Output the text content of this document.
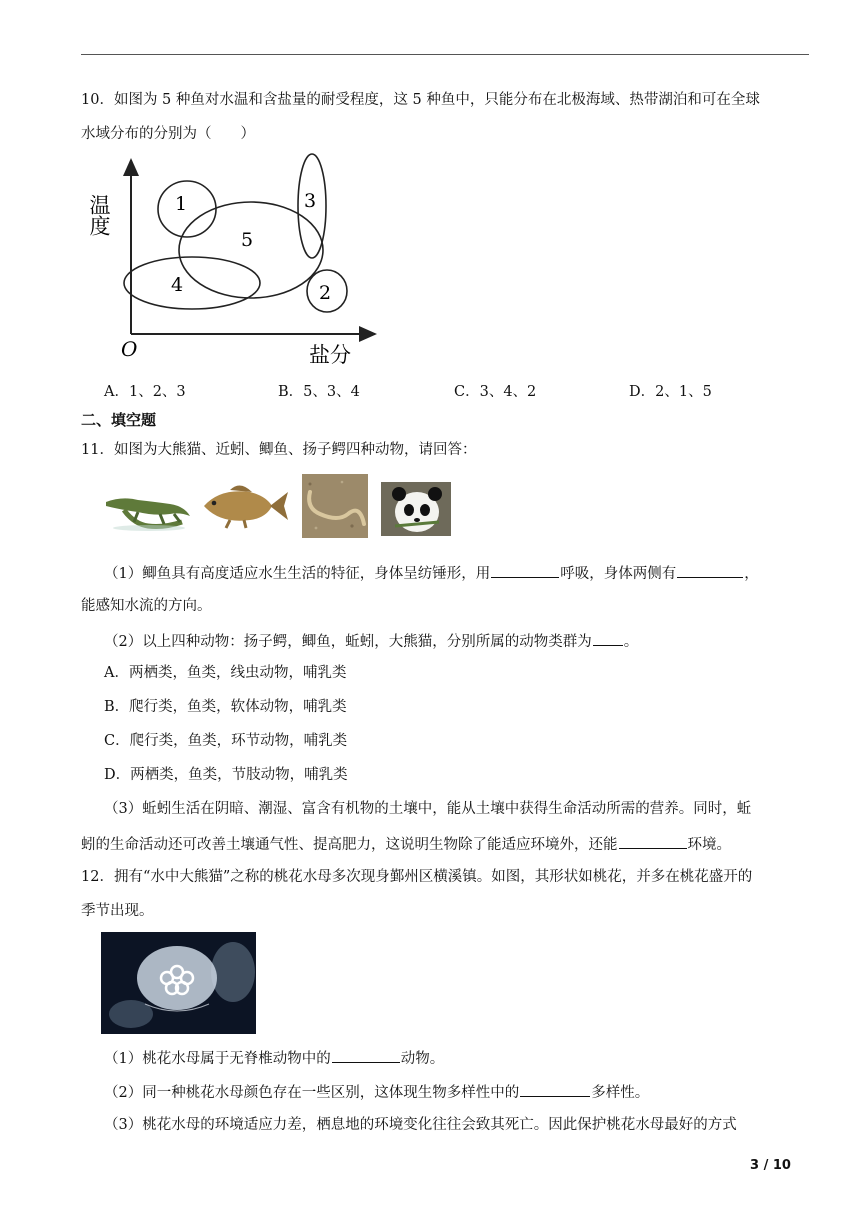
10．如图为 5 种鱼对水温和含盐量的耐受程度，这 5 种鱼中，只能分布在北极海域、热带湖泊和可在全球
水域分布的分别为（　　）
温度
盐分
O
1
5
3
4	2
A．1、2、3	B．5、3、4	C．3、4、2	D．2、1、5
二、填空题
11．如图为大熊猫、近蚓、鲫鱼、扬子鳄四种动物，请回答：
（1）鲫鱼具有高度适应水生生活的特征，身体呈纺锤形，用	呼吸，身体两侧有	，
能感知水流的方向。
（2）以上四种动物：扬子鳄，鲫鱼，蚯蚓，大熊猫，分别所属的动物类群为 。
A．两栖类，鱼类，线虫动物，哺乳类
B．爬行类，鱼类，软体动物，哺乳类
C．爬行类，鱼类，环节动物，哺乳类
D．两栖类，鱼类，节肢动物，哺乳类
（3）蚯蚓生活在阴暗、潮湿、富含有机物的土壤中，能从土壤中获得生命活动所需的营养。同时，蚯
蚓的生命活动还可改善土壤通气性、提高肥力，这说明生物除了能适应环境外，还能	环境。
12．拥有“水中大熊猫”之称的桃花水母多次现身鄞州区横溪镇。如图，其形状如桃花，并多在桃花盛开的
季节出现。
（1）桃花水母属于无脊椎动物中的	动物。
（2）同一种桃花水母颜色存在一些区别，这体现生物多样性中的	多样性。
（3）桃花水母的环境适应力差，栖息地的环境变化往往会致其死亡。因此保护桃花水母最好的方式
3 / 10
